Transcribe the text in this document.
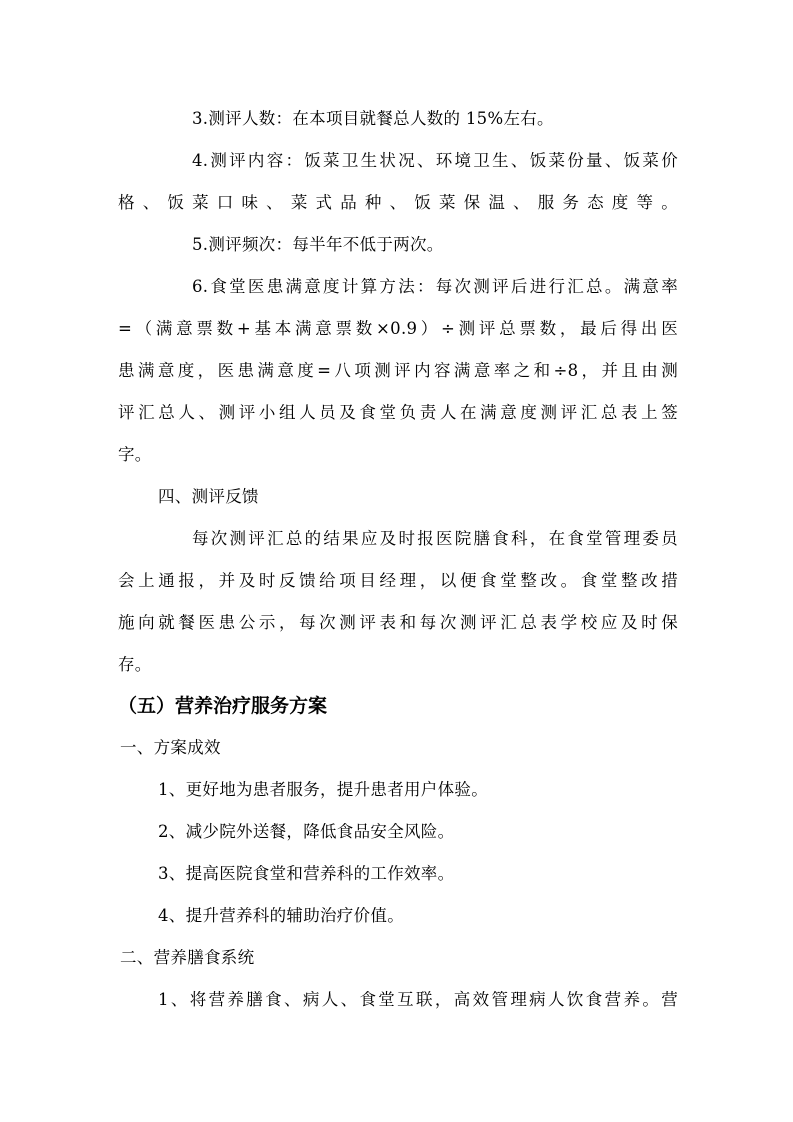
3.测评人数：在本项目就餐总人数的 15%左右。
4.测评内容：饭菜卫生状况、环境卫生、饭菜份量、饭菜价
格、饭菜口味、菜式品种、饭菜保温、服务态度等。
5.测评频次：每半年不低于两次。
6.食堂医患满意度计算方法：每次测评后进行汇总。满意率
=（满意票数+基本满意票数×0.9）÷测评总票数，最后得出医
患满意度，医患满意度=八项测评内容满意率之和÷8，并且由测
评汇总人、测评小组人员及食堂负责人在满意度测评汇总表上签
字。
四、测评反馈
每次测评汇总的结果应及时报医院膳食科，在食堂管理委员
会上通报，并及时反馈给项目经理，以便食堂整改。食堂整改措
施向就餐医患公示，每次测评表和每次测评汇总表学校应及时保
存。
（五）营养治疗服务方案
一、方案成效
1、更好地为患者服务，提升患者用户体验。
2、减少院外送餐，降低食品安全风险。
3、提高医院食堂和营养科的工作效率。
4、提升营养科的辅助治疗价值。
二、营养膳食系统
1、将营养膳食、病人、食堂互联，高效管理病人饮食营养。营
